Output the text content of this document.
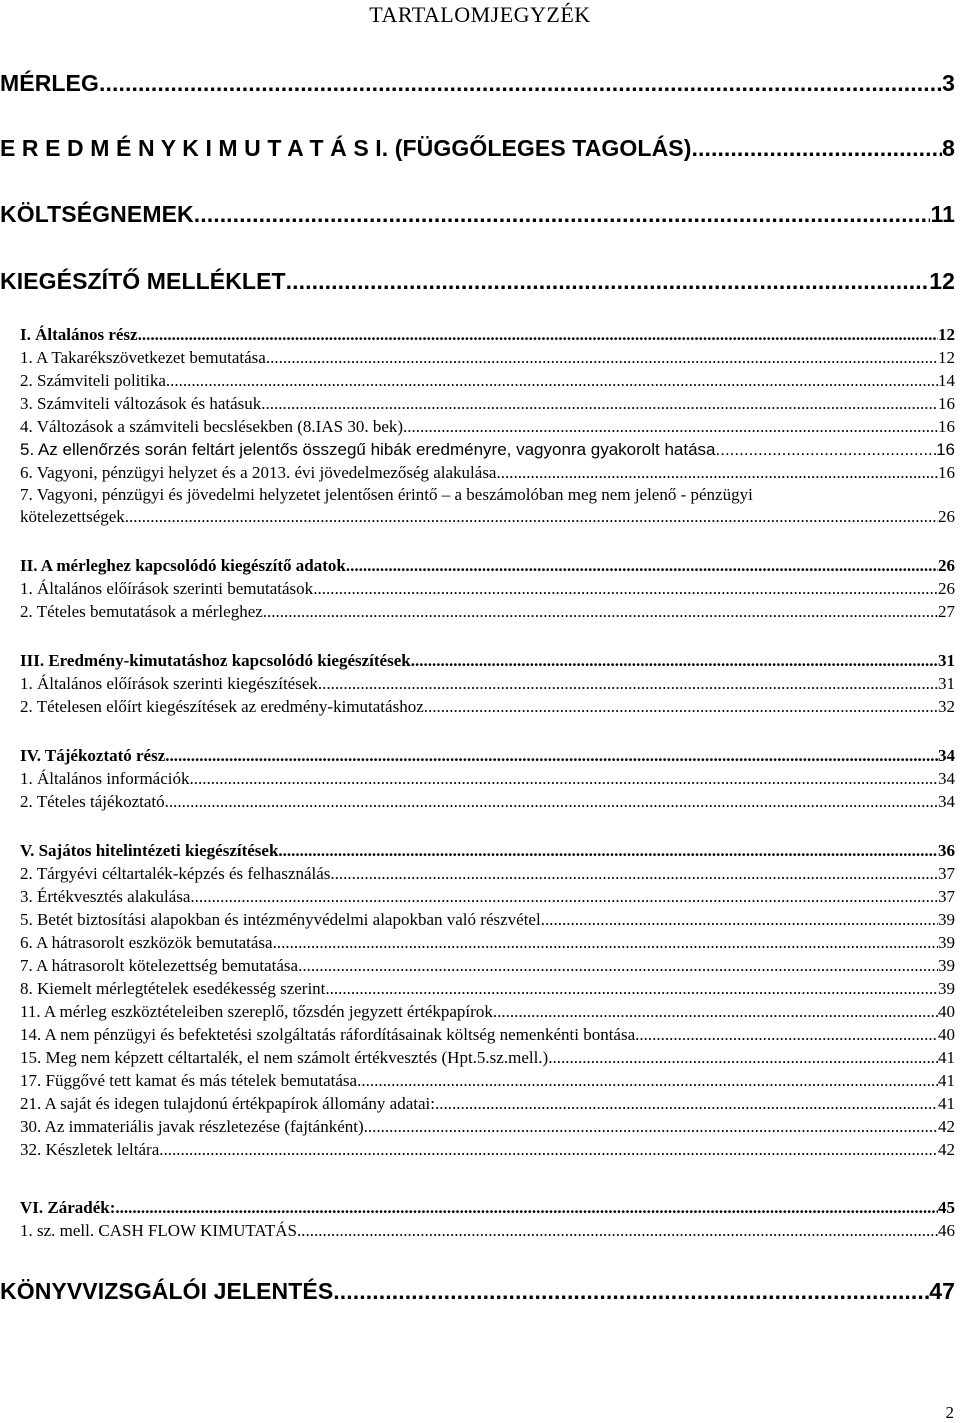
TARTALOMJEGYZÉK
MÉRLEG .....	3
E R E D M É N Y K I M U T A T Á S I. (FÜGGŐLEGES TAGOLÁS) .....	8
KÖLTSÉGNEMEK .....	11
KIEGÉSZÍTŐ MELLÉKLET .....	12
I. Általános rész .....	12
1. A Takarékszövetkezet bemutatása .....	12
2. Számviteli politika .....	14
3. Számviteli változások és hatásuk .....	16
4. Változások a számviteli becslésekben (8.IAS 30. bek) .....	16
5. Az ellenőrzés során feltárt jelentős összegű hibák eredményre, vagyonra gyakorolt hatása .....	16
6. Vagyoni, pénzügyi helyzet és a 2013. évi jövedelmezőség alakulása .....	16
7. Vagyoni, pénzügyi és jövedelmi helyzetet jelentősen érintő – a beszámolóban meg nem jelenő - pénzügyi
kötelezettségek .....	26
II. A mérleghez kapcsolódó kiegészítő adatok .....	26
1. Általános előírások szerinti bemutatások .....	26
2. Tételes bemutatások a mérleghez .....	27
III. Eredmény-kimutatáshoz kapcsolódó kiegészítések .....	31
1. Általános előírások szerinti kiegészítések .....	31
2. Tételesen előírt kiegészítések az eredmény-kimutatáshoz .....	32
IV. Tájékoztató rész .....	34
1. Általános információk .....	34
2. Tételes tájékoztató .....	34
V. Sajátos hitelintézeti kiegészítések .....	36
2. Tárgyévi céltartalék-képzés és felhasználás .....	37
3. Értékvesztés alakulása .....	37
5. Betét biztosítási alapokban és intézményvédelmi alapokban való részvétel .....	39
6. A hátrasorolt eszközök bemutatása .....	39
7. A hátrasorolt kötelezettség bemutatása .....	39
8. Kiemelt mérlegtételek esedékesség szerint .....	39
11. A mérleg eszköztételeiben szereplő, tőzsdén jegyzett értékpapírok .....	40
14. A nem pénzügyi és befektetési szolgáltatás ráfordításainak költség nemenkénti bontása .....	40
15. Meg nem képzett céltartalék, el nem számolt értékvesztés (Hpt.5.sz.mell.) .....	41
17. Függővé tett kamat és más tételek bemutatása .....	41
21. A saját és idegen tulajdonú értékpapírok állomány adatai: .....	41
30. Az immateriális javak részletezése (fajtánként) .....	42
32. Készletek leltára .....	42
VI. Záradék: .....	45
1. sz. mell. CASH FLOW KIMUTATÁS .....	46
KÖNYVVIZSGÁLÓI JELENTÉS .....	47
2
